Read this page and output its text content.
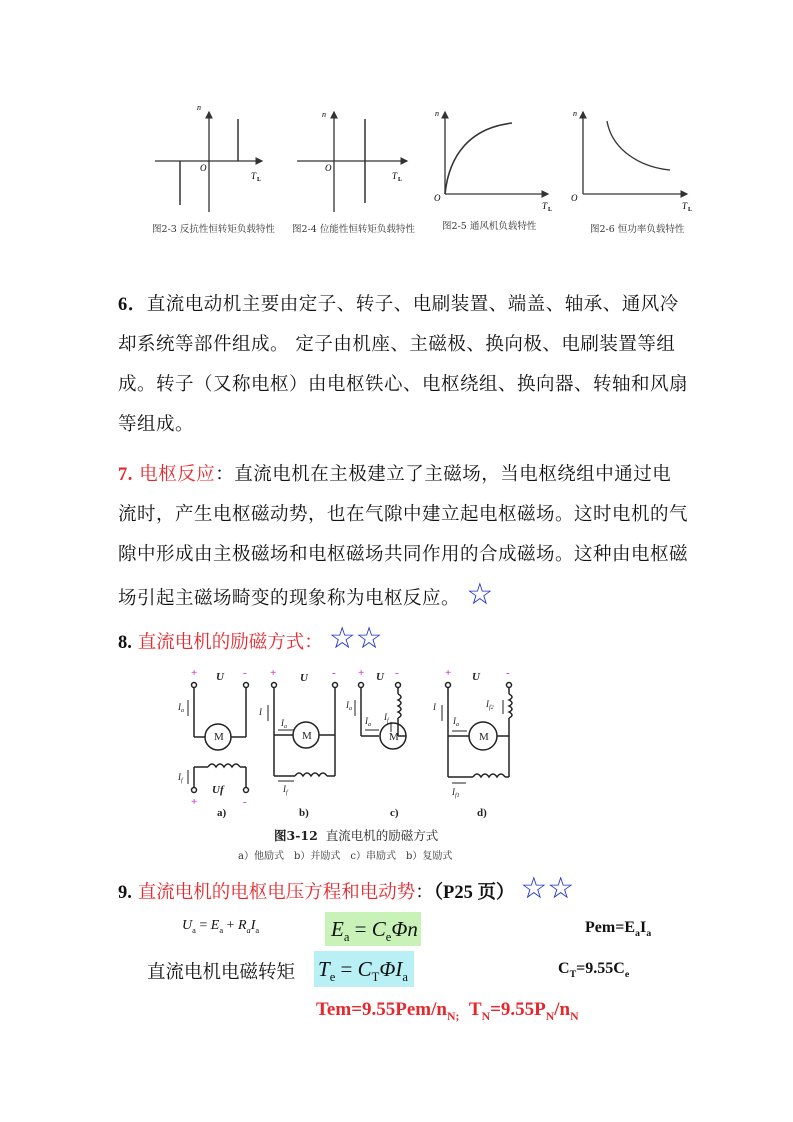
n
O
T L
n
O
T L
n
O
T L
n
O
T L
图2-3 反抗性恒转矩负载特性 图2-4 位能性恒转矩负载特性	图2-5 通风机负载特性	图2-6 恒功率负载特性
6．直流电动机主要由定子、转子、电刷装置、端盖、轴承、通风冷
却系统等部件组成。 定子由机座、主磁极、换向极、电刷装置等组
成。转子（又称电枢）由电枢铁心、电枢绕组、换向器、转轴和风扇
等组成。
7. 电枢反应：直流电机在主极建立了主磁场，当电枢绕组中通过电
流时，产生电枢磁动势，也在气隙中建立起电枢磁场。这时电机的气
隙中形成由主极磁场和电枢磁场共同作用的合成磁场。这种由电枢磁
场引起主磁场畸变的现象称为电枢反应。 ☆
8. 直流电机的励磁方式： ☆☆
+	-
+	-
+	- +	-	+	-
U	U	U	U
Uf
M	M	M	M
$I_a$
$I_f$
I
$I_a$
$I_f$
$I_a$
$I_a$
$I_f$
I
$I_a$
$I_{f2}$
$I_{f1}$
a)	b)	c)	d)
图3-12 直流电机的励磁方式
a）他励式　b）并励式　c）串励式　b）复励式
9. 直流电机的电枢电压方程和电动势：（P25 页） ☆☆
$U_a = E_a + R_aI_a$	$E_a = C_e\Phi n$	$Pem=E_aI_a$
直流电机电磁转矩 $T_e = C_T\Phi I_a$
$C_T=9.55C_e$
$Tem=9.55Pem/n_{N;}$ $T_N=9.55P_N/n_N$
